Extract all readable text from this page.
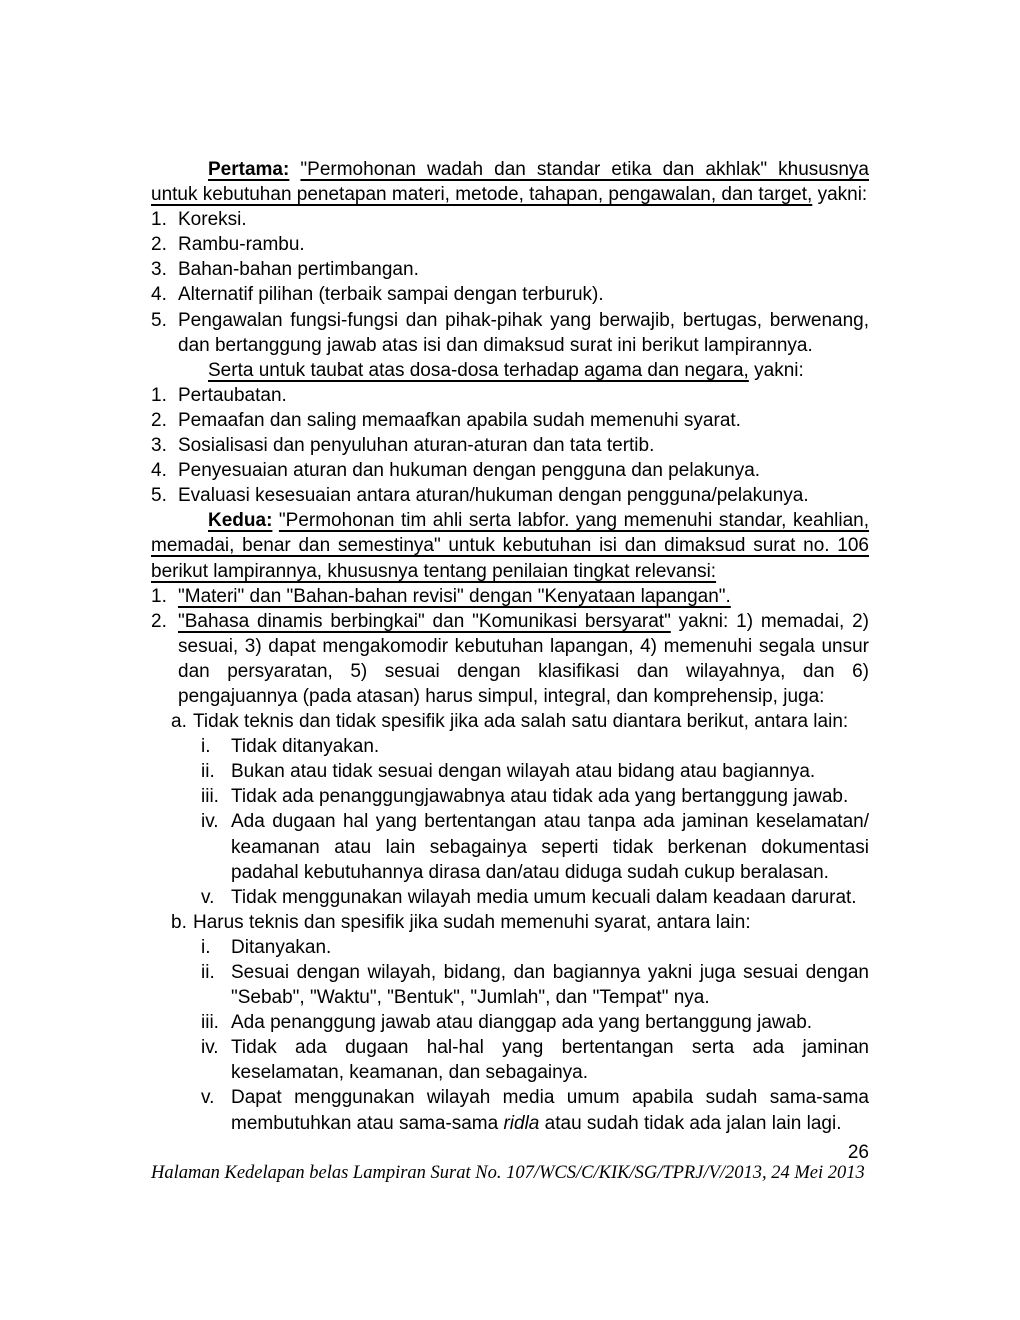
Pertama: "Permohonan wadah dan standar etika dan akhlak" khususnya untuk kebutuhan penetapan materi, metode, tahapan, pengawalan, dan target, yakni:

1. Koreksi.
2. Rambu-rambu.
3. Bahan-bahan pertimbangan.
4. Alternatif pilihan (terbaik sampai dengan terburuk).
5. Pengawalan fungsi-fungsi dan pihak-pihak yang berwajib, bertugas, berwenang, dan bertanggung jawab atas isi dan dimaksud surat ini berikut lampirannya.

Serta untuk taubat atas dosa-dosa terhadap agama dan negara, yakni:

1. Pertaubatan.
2. Pemaafan dan saling memaafkan apabila sudah memenuhi syarat.
3. Sosialisasi dan penyuluhan aturan-aturan dan tata tertib.
4. Penyesuaian aturan dan hukuman dengan pengguna dan pelakunya.
5. Evaluasi kesesuaian antara aturan/hukuman dengan pengguna/pelakunya.

Kedua: "Permohonan tim ahli serta labfor. yang memenuhi standar, keahlian, memadai, benar dan semestinya" untuk kebutuhan isi dan dimaksud surat no. 106 berikut lampirannya, khususnya tentang penilaian tingkat relevansi:

1. "Materi" dan "Bahan-bahan revisi" dengan "Kenyataan lapangan".
2. "Bahasa dinamis berbingkai" dan "Komunikasi bersyarat" yakni: 1) memadai, 2) sesuai, 3) dapat mengakomodir kebutuhan lapangan, 4) memenuhi segala unsur dan persyaratan, 5) sesuai dengan klasifikasi dan wilayahnya, dan 6) pengajuannya (pada atasan) harus simpul, integral, dan komprehensip, juga:
a. Tidak teknis dan tidak spesifik jika ada salah satu diantara berikut, antara lain:
i.	Tidak ditanyakan.
ii. Bukan atau tidak sesuai dengan wilayah atau bidang atau bagiannya.
iii. Tidak ada penanggungjawabnya atau tidak ada yang bertanggung jawab.
iv. Ada dugaan hal yang bertentangan atau tanpa ada jaminan keselamatan/ keamanan atau lain sebagainya seperti tidak berkenan dokumentasi padahal kebutuhannya dirasa dan/atau diduga sudah cukup beralasan.
v. Tidak menggunakan wilayah media umum kecuali dalam keadaan darurat.
b. Harus teknis dan spesifik jika sudah memenuhi syarat, antara lain:
i.	Ditanyakan.
ii. Sesuai dengan wilayah, bidang, dan bagiannya yakni juga sesuai dengan "Sebab", "Waktu", "Bentuk", "Jumlah", dan "Tempat" nya.
iii. Ada penanggung jawab atau dianggap ada yang bertanggung jawab.
iv. Tidak ada dugaan hal-hal yang bertentangan serta ada jaminan keselamatan, keamanan, dan sebagainya.
v. Dapat menggunakan wilayah media umum apabila sudah sama-sama membutuhkan atau sama-sama ridla atau sudah tidak ada jalan lain lagi.
26
Halaman Kedelapan belas Lampiran Surat No. 107/WCS/C/KIK/SG/TPRJ/V/2013, 24 Mei 2013
